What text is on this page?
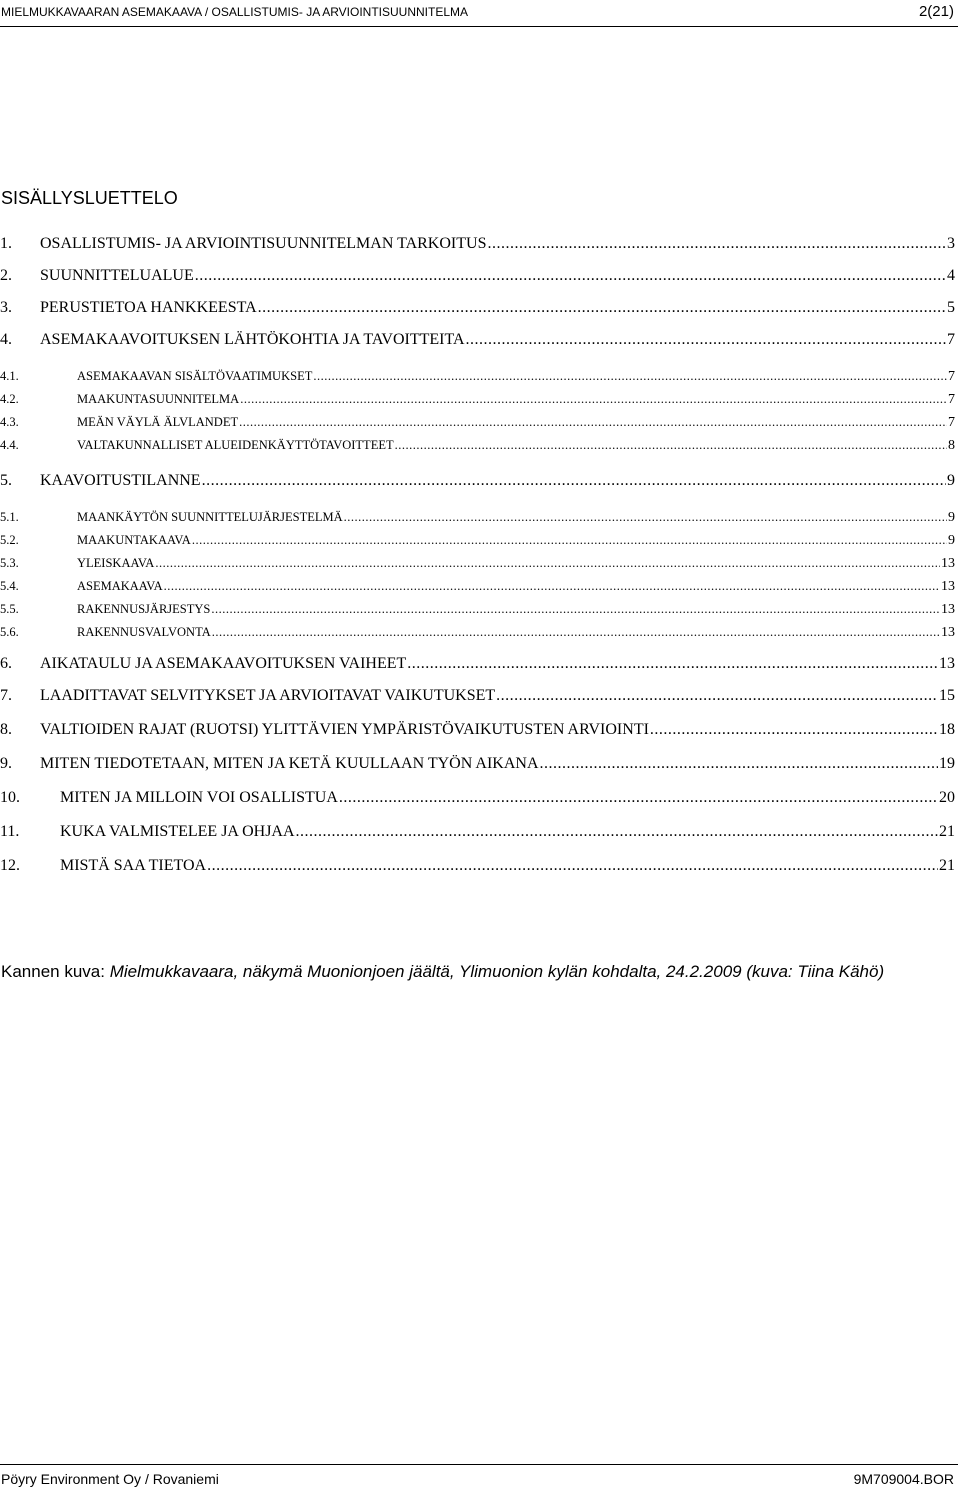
MIELMUKKAVAARAN ASEMAKAAVA / OSALLISTUMIS- JA ARVIOINTISUUNNITELMA	2(21)
SISÄLLYSLUETTELO
1.	OSALLISTUMIS- JA ARVIOINTISUUNNITELMAN TARKOITUS .....	3
2.	SUUNNITTELUALUE .....	4
3.	PERUSTIETOA HANKKEESTA .....	5
4.	ASEMAKAAVOITUKSEN LÄHTÖKOHTIA JA TAVOITTEITA .....	7
4.1.	ASEMAKAAVAN SISÄLTÖVAATIMUKSET .....	7
4.2.	MAAKUNTASUUNNITELMA .....	7
4.3.	MEÄN VÄYLÄ ÄLVLANDET .....	7
4.4.	VALTAKUNNALLISET ALUEIDENKÄYTTÖTAVOITTEET .....	8
5.	KAAVOITUSTILANNE .....	9
5.1.	MAANKÄYTÖN SUUNNITTELUJÄRJESTELMÄ .....	9
5.2.	MAAKUNTAKAAVA .....	9
5.3.	YLEISKAAVA .....	13
5.4.	ASEMAKAAVA .....	13
5.5.	RAKENNUSJÄRJESTYS .....	13
5.6.	RAKENNUSVALVONTA .....	13
6.	AIKATAULU JA ASEMAKAAVOITUKSEN VAIHEET .....	13
7.	LAADITTAVAT SELVITYKSET JA ARVIOITAVAT VAIKUTUKSET .....	15
8.	VALTIOIDEN RAJAT (RUOTSI) YLITTÄVIEN YMPÄRISTÖVAIKUTUSTEN ARVIOINTI .....	18
9.	MITEN TIEDOTETAAN, MITEN JA KETÄ KUULLAAN TYÖN AIKANA .....	19
10.	MITEN JA MILLOIN VOI OSALLISTUA .....	20
11.	KUKA VALMISTELEE JA OHJAA .....	21
12.	MISTÄ SAA TIETOA .....	21
Kannen kuva: Mielmukkavaara, näkymä Muonionjoen jäältä, Ylimuonion kylän kohdalta, 24.2.2009 (kuva: Tiina Kähö)
Pöyry Environment Oy / Rovaniemi	9M709004.BOR
